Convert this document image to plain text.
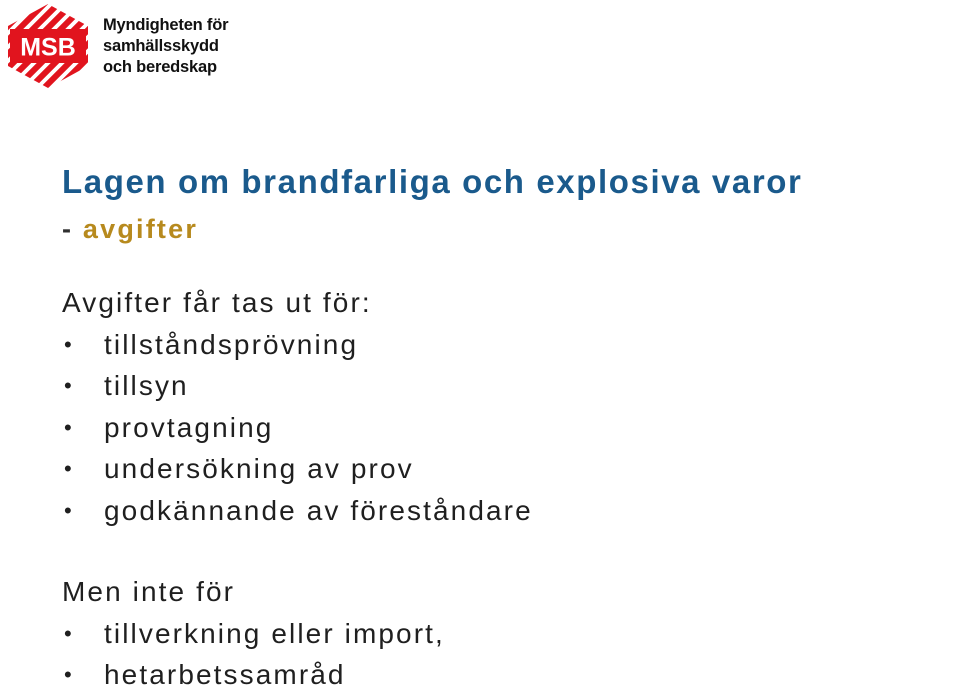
MSB
Myndigheten för
samhällsskydd
och beredskap
Lagen om brandfarliga och explosiva varor
- avgifter
Avgifter får tas ut för:
• tillståndsprövning
• tillsyn
• provtagning
• undersökning av prov
• godkännande av föreståndare
Men inte för
• tillverkning eller import,
• hetarbetssamråd
